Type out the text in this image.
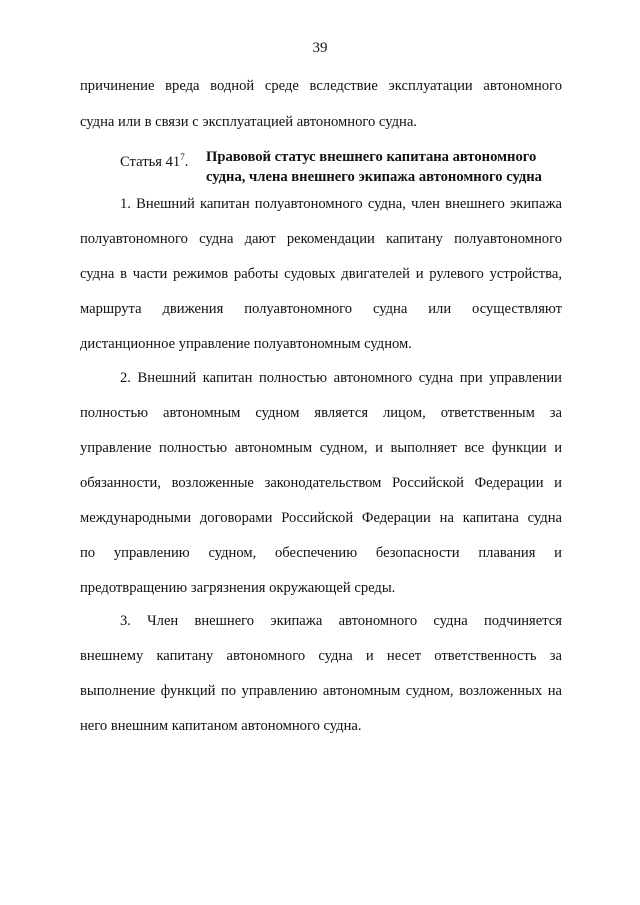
39
причинение вреда водной среде вследствие эксплуатации автономного
судна или в связи с эксплуатацией автономного судна.
Статья $41^7$. Правовой статус внешнего капитана автономного
судна, члена внешнего экипажа автономного судна
1. Внешний капитан полуавтономного судна, член внешнего экипажа
полуавтономного судна дают рекомендации капитану полуавтономного
судна в части режимов работы судовых двигателей и рулевого устройства,
маршрута движения полуавтономного судна или осуществляют
дистанционное управление полуавтономным судном.
2. Внешний капитан полностью автономного судна при управлении
полностью автономным судном является лицом, ответственным за
управление полностью автономным судном, и выполняет все функции и
обязанности, возложенные законодательством Российской Федерации и
международными договорами Российской Федерации на капитана судна
по управлению судном, обеспечению безопасности плавания и
предотвращению загрязнения окружающей среды.
3. Член внешнего экипажа автономного судна подчиняется
внешнему капитану автономного судна и несет ответственность за
выполнение функций по управлению автономным судном, возложенных на
него внешним капитаном автономного судна.
